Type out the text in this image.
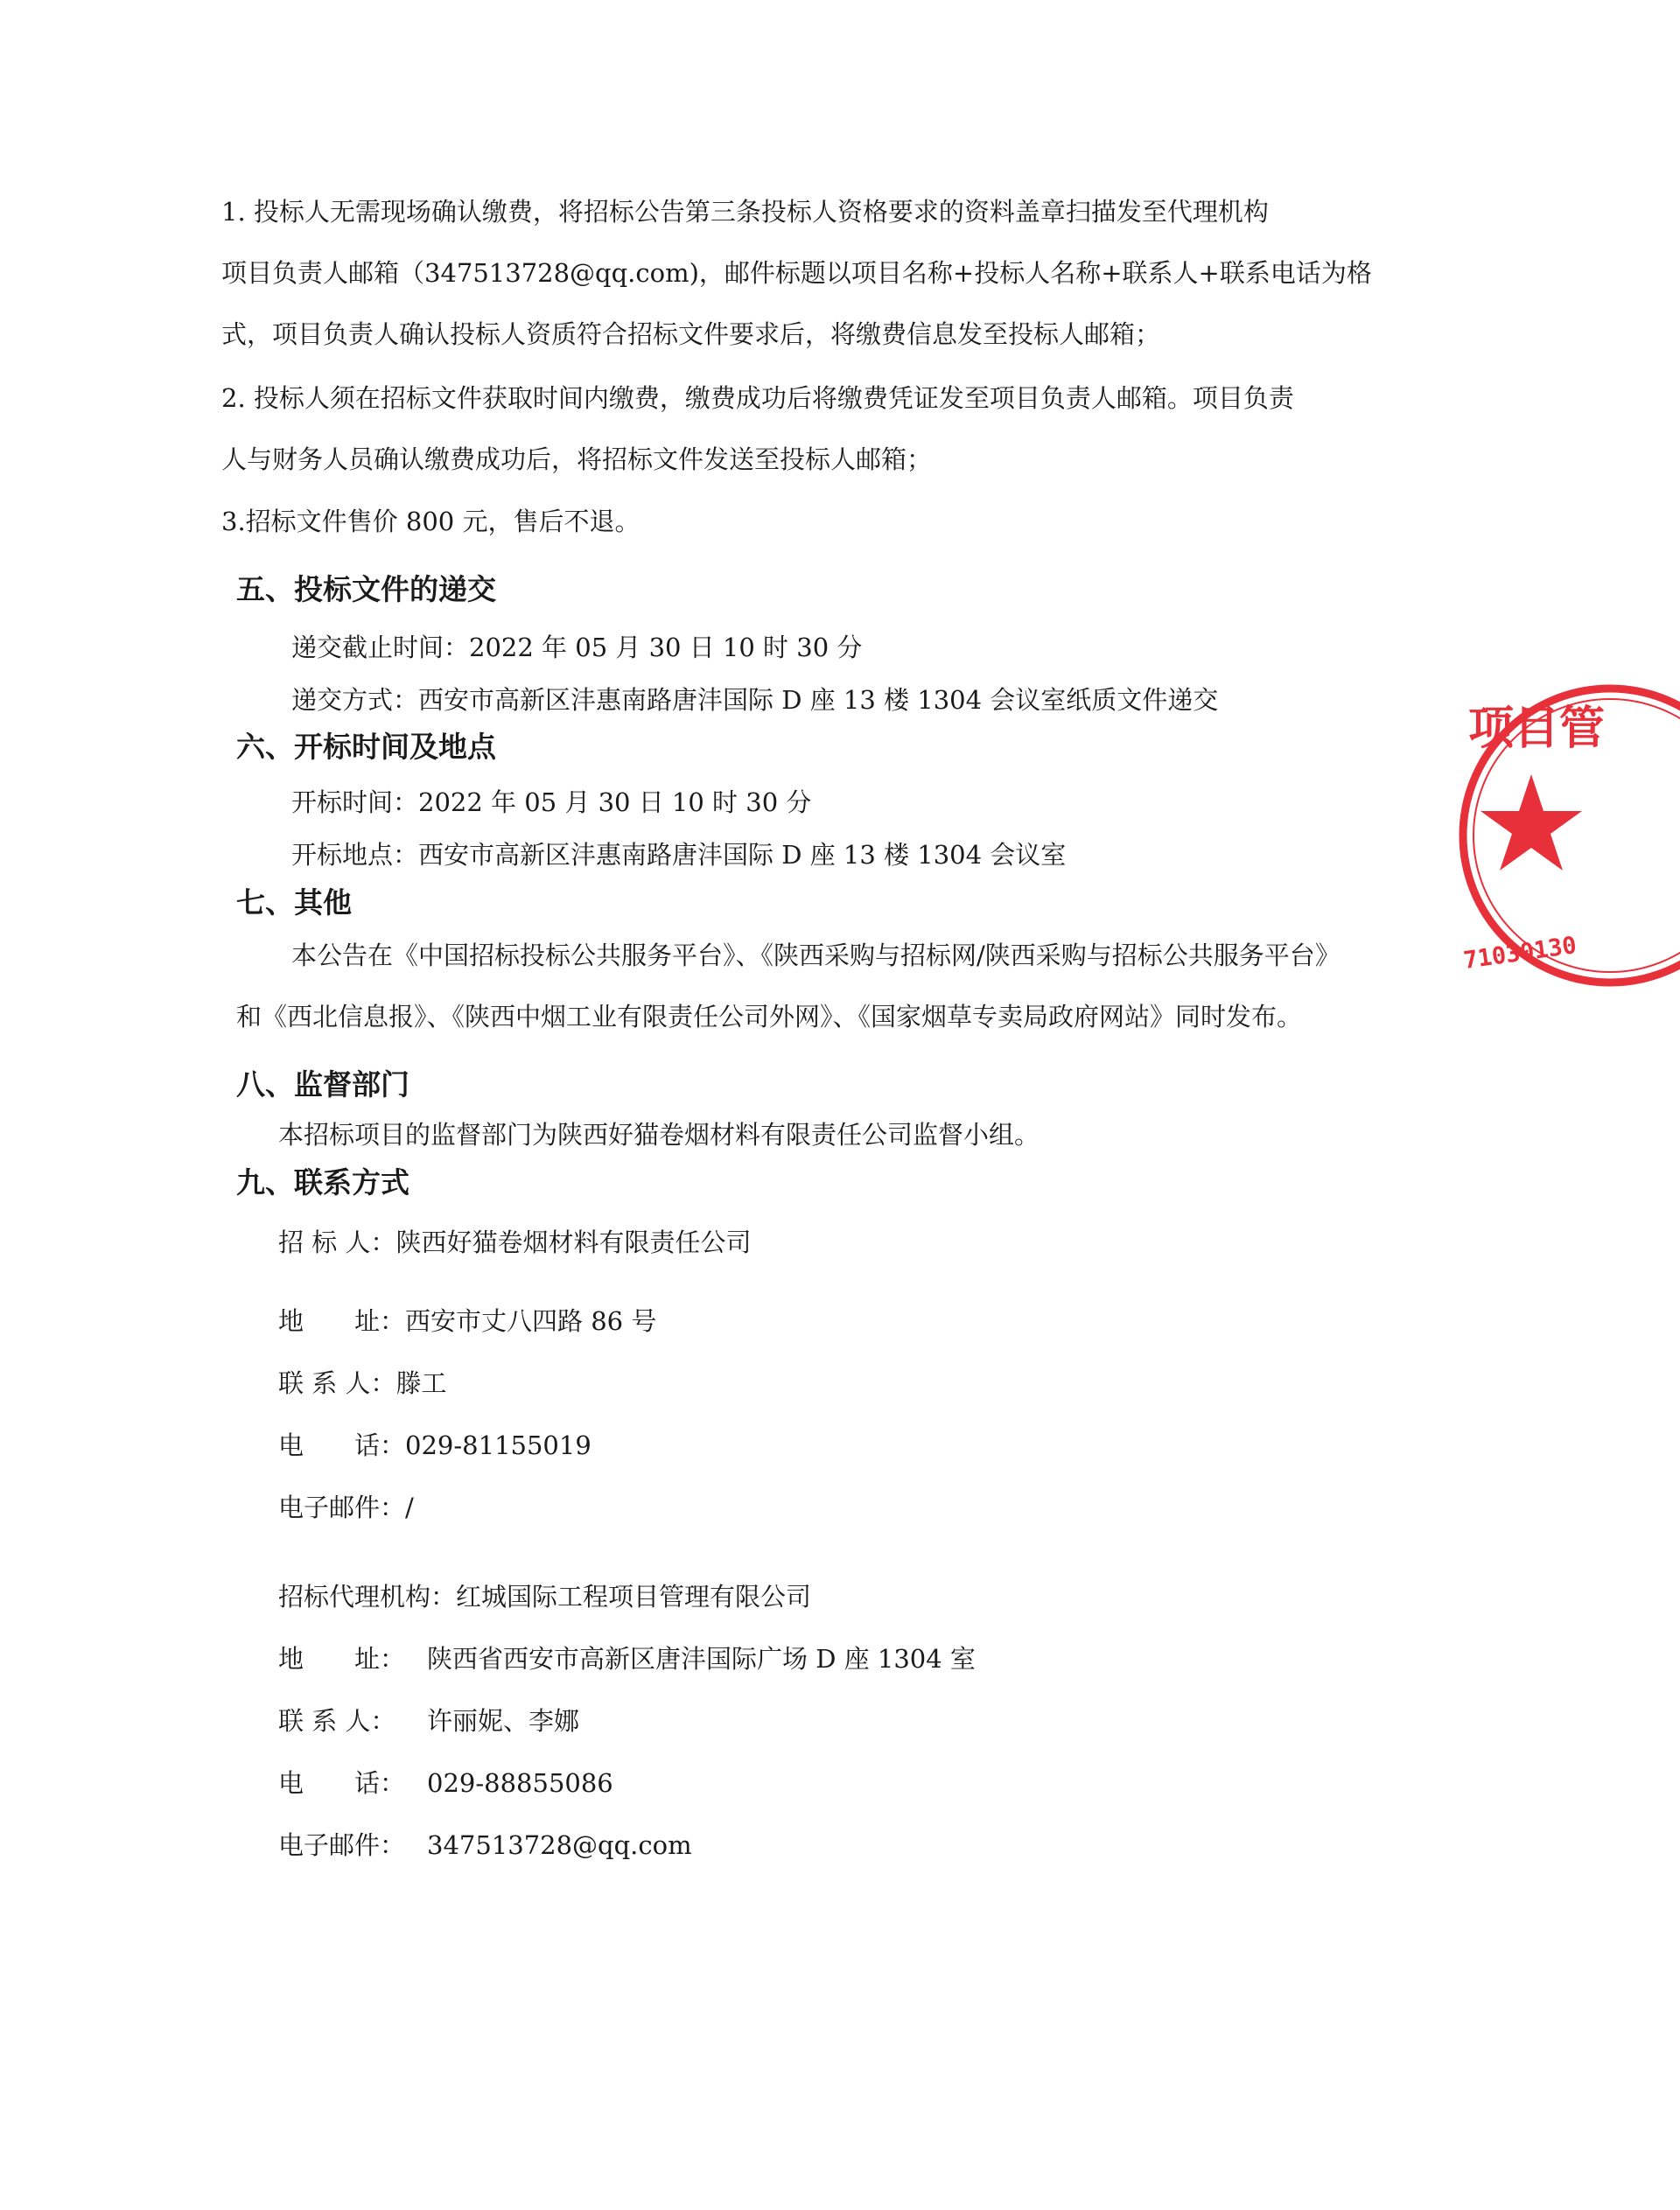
1. 投标人无需现场确认缴费，将招标公告第三条投标人资格要求的资料盖章扫描发至代理机构
项目负责人邮箱（347513728@qq.com)，邮件标题以项目名称+投标人名称+联系人+联系电话为格
式，项目负责人确认投标人资质符合招标文件要求后，将缴费信息发至投标人邮箱；
2. 投标人须在招标文件获取时间内缴费，缴费成功后将缴费凭证发至项目负责人邮箱。项目负责
人与财务人员确认缴费成功后，将招标文件发送至投标人邮箱；
3.招标文件售价 800 元，售后不退。
五、投标文件的递交
递交截止时间：2022 年 05 月 30 日 10 时 30 分
递交方式：西安市高新区沣惠南路唐沣国际 D 座 13 楼 1304 会议室纸质文件递交
六、开标时间及地点
开标时间：2022 年 05 月 30 日 10 时 30 分
开标地点：西安市高新区沣惠南路唐沣国际 D 座 13 楼 1304 会议室
七、其他
本公告在《中国招标投标公共服务平台》、《陕西采购与招标网/陕西采购与招标公共服务平台》
和《西北信息报》、《陕西中烟工业有限责任公司外网》、《国家烟草专卖局政府网站》同时发布。
八、监督部门
本招标项目的监督部门为陕西好猫卷烟材料有限责任公司监督小组。
九、联系方式
招 标 人：陕西好猫卷烟材料有限责任公司
地　　址：西安市丈八四路 86 号
联 系 人：滕工
电　　话：029-81155019
电子邮件：/
招标代理机构：红城国际工程项目管理有限公司
地　　址： 陕西省西安市高新区唐沣国际广场 D 座 1304 室
联 系 人： 许丽妮、李娜
电　　话： 029-88855086
电子邮件： 347513728@qq.com
项目管
71030130
